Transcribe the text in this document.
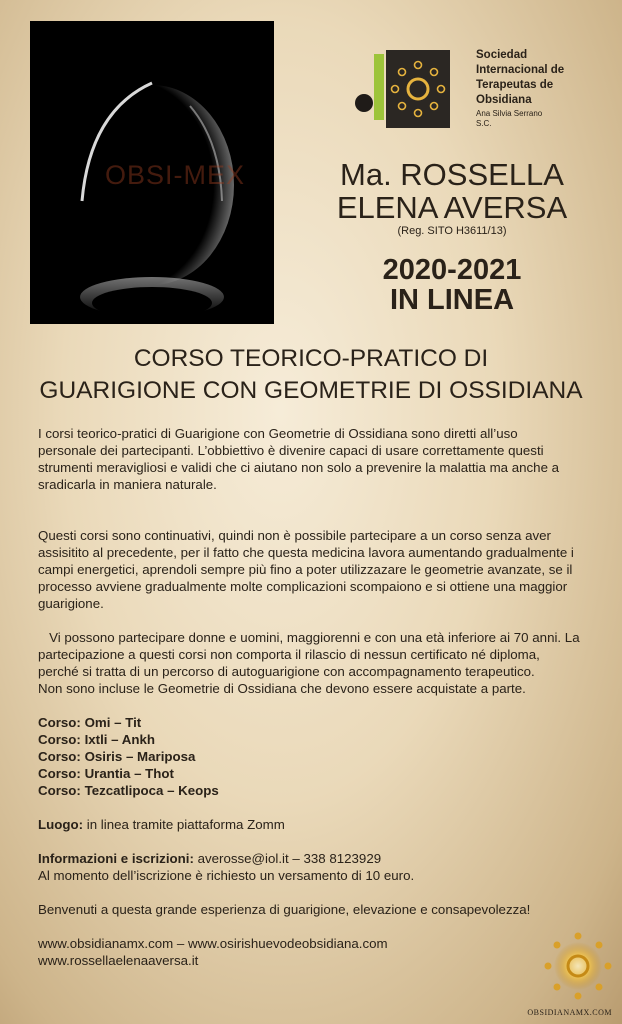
OBSI-MEX
Sociedad
Internacional de
Terapeutas de
Obsidiana
Ana Silvia Serrano
S.C.
Ma. ROSSELLA
ELENA AVERSA
(Reg. SITO H3611/13)
2020-2021
IN LINEA
CORSO TEORICO-PRATICO DI
GUARIGIONE CON GEOMETRIE DI OSSIDIANA

I corsi teorico-pratici di Guarigione con Geometrie di Ossidiana sono diretti all’uso

personale dei partecipanti. L’obbiettivo è divenire capaci di usare correttamente questi

strumenti meravigliosi e validi che ci aiutano non solo a prevenire la malattia ma anche a

sradicarla in maniera naturale.

Questi corsi sono continuativi, quindi non è possibile partecipare a un corso senza aver

assisitito al precedente, per il fatto che questa medicina lavora aumentando gradualmente i

campi energetici, aprendoli sempre più fino a poter utilizzazare le geometrie avanzate, se il

processo avviene gradualmente molte complicazioni scompaiono e si ottiene una maggior

guarigione.

Vi possono partecipare donne e uomini, maggiorenni e con una età inferiore ai 70 anni. La

partecipazione a questi corsi non comporta il rilascio di nessun certificato né diploma,

perché si tratta di un percorso di autoguarigione con accompagnamento terapeutico.

Non sono incluse le Geometrie di Ossidiana che devono essere acquistate a parte.

Corso: Omi – Tit

Corso: Ixtli – Ankh

Corso: Osiris – Mariposa

Corso: Urantia – Thot

Corso: Tezcatlipoca – Keops

Luogo: in linea tramite piattaforma Zomm

Informazioni e iscrizioni: averosse@iol.it – 338 8123929

Al momento dell’iscrizione è richiesto un versamento di 10 euro.

Benvenuti a questa grande esperienza di guarigione, elevazione e consapevolezza!

www.obsidianamx.com – www.osirishuevodeobsidiana.com

www.rossellaelenaaversa.it

OBSIDIANAMX.COM
